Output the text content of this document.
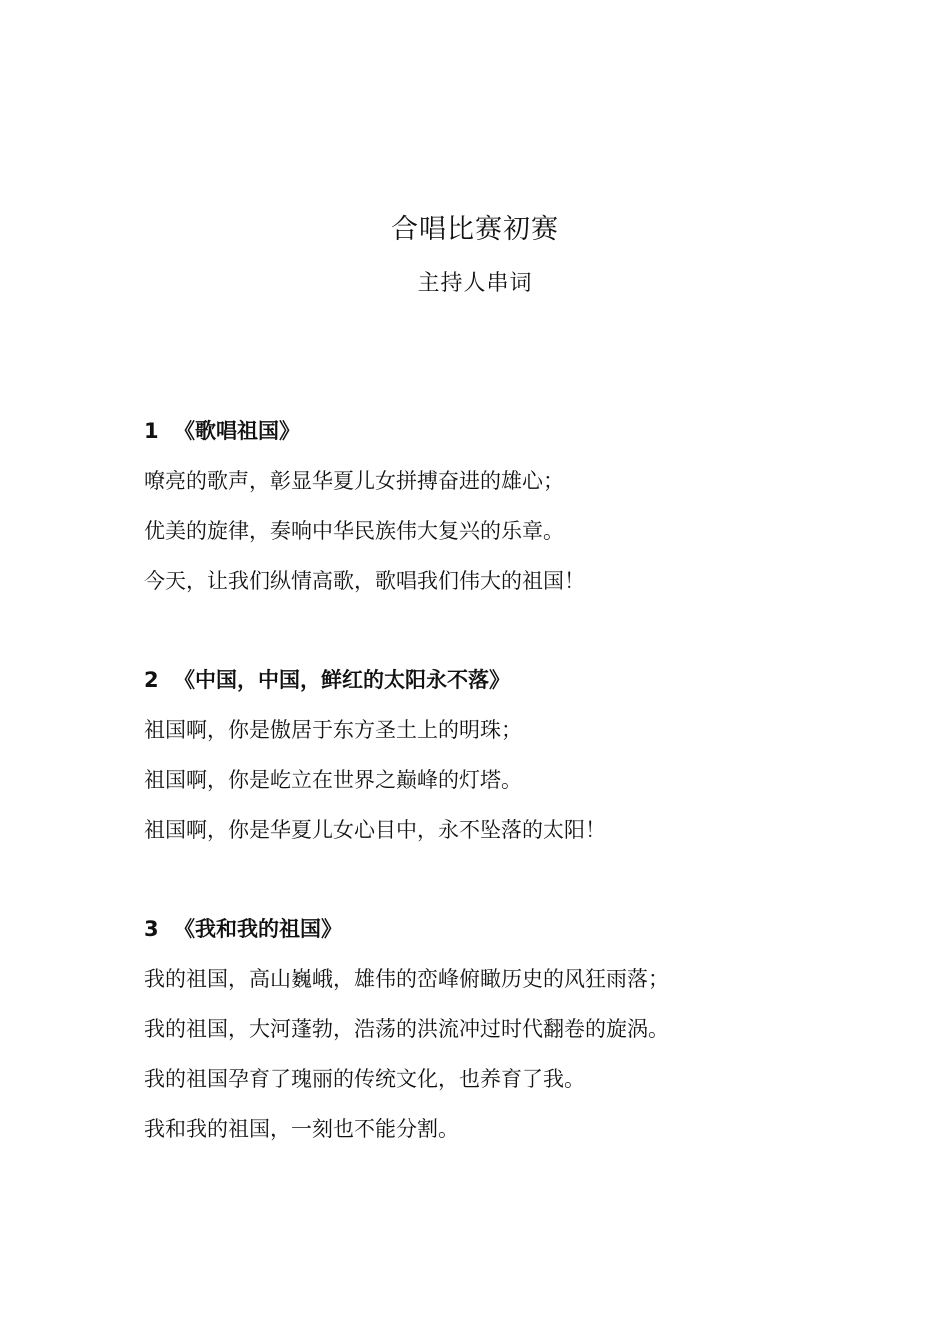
合唱比赛初赛
主持人串词
1 《歌唱祖国》
嘹亮的歌声，彰显华夏儿女拼搏奋进的雄心；
优美的旋律，奏响中华民族伟大复兴的乐章。
今天，让我们纵情高歌，歌唱我们伟大的祖国！
2 《中国，中国，鲜红的太阳永不落》
祖国啊，你是傲居于东方圣土上的明珠；
祖国啊，你是屹立在世界之巅峰的灯塔。
祖国啊，你是华夏儿女心目中，永不坠落的太阳！
3 《我和我的祖国》
我的祖国，高山巍峨，雄伟的峦峰俯瞰历史的风狂雨落；
我的祖国，大河蓬勃，浩荡的洪流冲过时代翻卷的旋涡。
我的祖国孕育了瑰丽的传统文化，也养育了我。
我和我的祖国，一刻也不能分割。
